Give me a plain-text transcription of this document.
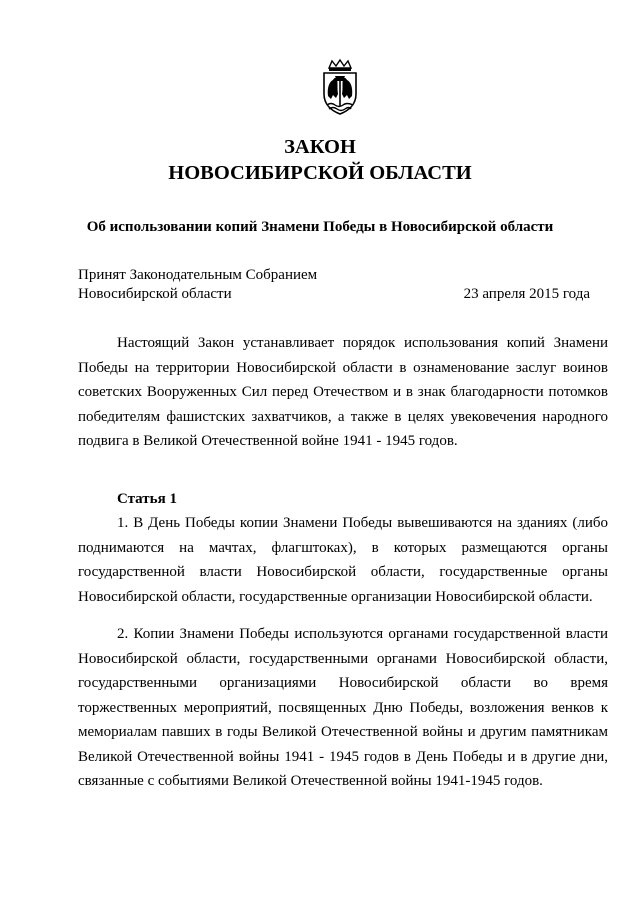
ЗАКОН
НОВОСИБИРСКОЙ ОБЛАСТИ

Об использовании копий Знамени Победы в Новосибирской области

Принят Законодательным Собранием
Новосибирской области	23 апреля 2015 года

Настоящий Закон устанавливает порядок использования копий Знамени Победы на территории Новосибирской области в ознаменование заслуг воинов советских Вооруженных Сил перед Отечеством и в знак благодарности потомков победителям фашистских захватчиков, а также в целях увековечения народного подвига в Великой Отечественной войне 1941 - 1945 годов.

Статья 1

1. В День Победы копии Знамени Победы вывешиваются на зданиях (либо поднимаются на мачтах, флагштоках), в которых размещаются органы государственной власти Новосибирской области, государственные органы Новосибирской области, государственные организации Новосибирской области.

2. Копии Знамени Победы используются органами государственной власти Новосибирской области, государственными органами Новосибирской области, государственными организациями Новосибирской области во время торжественных мероприятий, посвященных Дню Победы, возложения венков к мемориалам павших в годы Великой Отечественной войны и другим памятникам Великой Отечественной войны 1941 - 1945 годов в День Победы и в другие дни, связанные с событиями Великой Отечественной войны 1941-1945 годов.
